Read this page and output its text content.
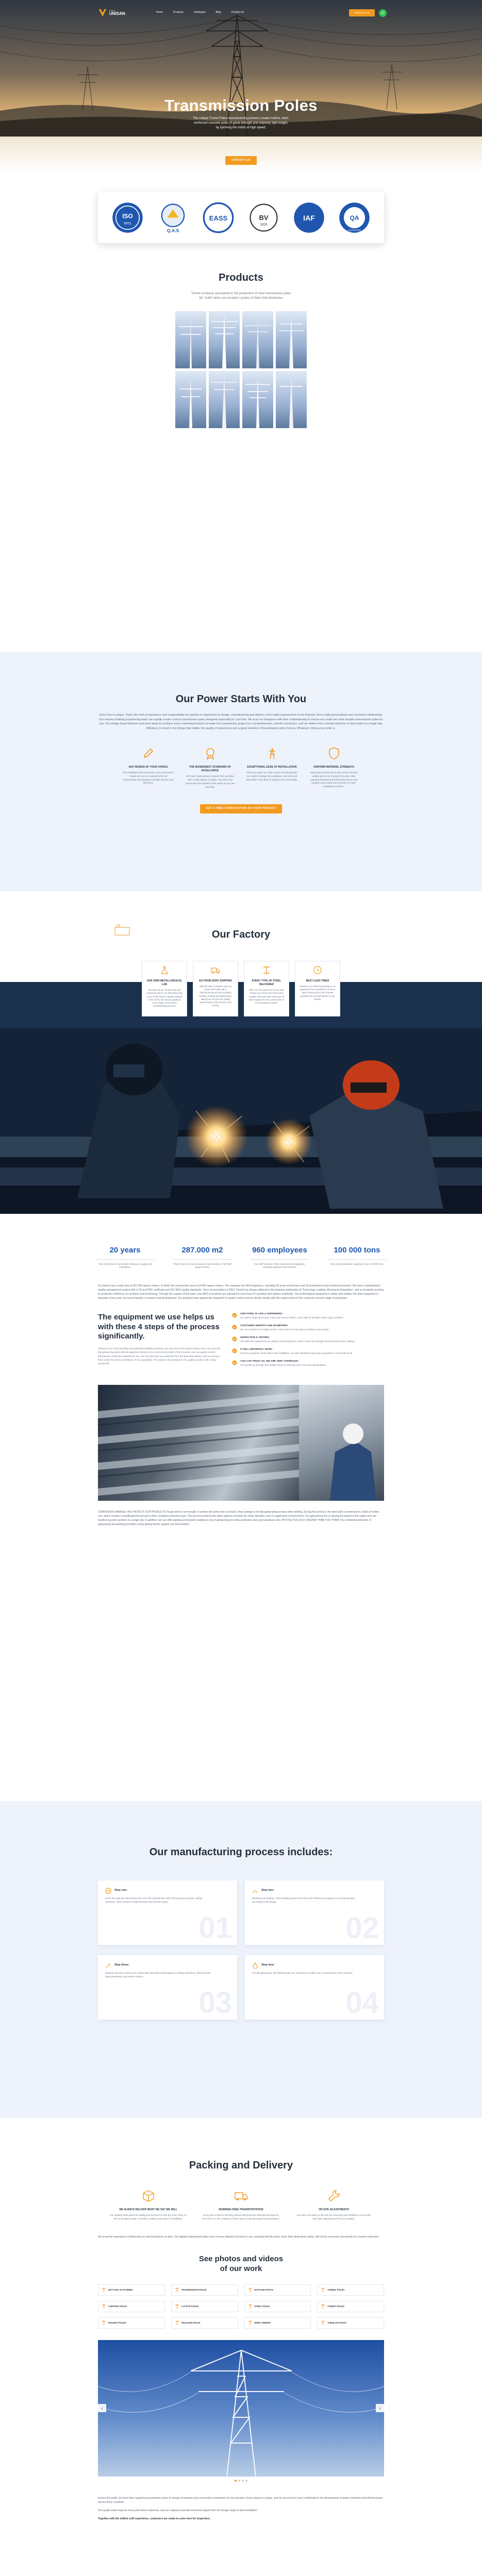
Poles
UNISAN	Home	Products	Catalogue	Blog	Contact Us	CONTACT US	✆
Transmission Poles
The unique Tunnel Poles manufacturing process creates hollow, steel-
reinforced concrete poles of great strength and relatively light weight,
by spinning the molds at high speed.
CONTACT US
ISO
9001
Q.A.S
EASS	BV
1828
IAF	QA
CERTIFIED
Products
Tunnel company specialised in the production of steel transmission poles
Mr. Gdhh Verhs our excellent system of Steel Grill distributes
Our Power Starts With You

Every line is unique. That's the kind of experience and responsibility we practice to implement as design, manufacturing and delivery, from initial requirements to the finished, all in a fully personalized and consistent relationship. Our industry building engineering team can rapidly create custom transmission poles designed especially for your line. We trust our designers with their craftsmanship to ensure we create the most durable transmission poles for you. Our design brand features and work ideas to combine some customized factors to make the transmission project to a comprehensive, smooth conclusion, and we deliver from a broad selection of steel poles in a single day. Efficiency is found in the things that matter, the quality of experience and a great selection of transmission pole choices, Whatever criteria your order is.

ANY DESIGN OF YOUR CHOICE

The installation and connection of the steel pole is simple and can be customized for all environments and awaiting a flexible function and efficiency.

THE MODERNEST STANDARD OF EXCELLENCE

We have implemented a system that our poles offer a high degree of safety. The joints and connections are applied to the needs of your line and load.

EXCEPTIONAL EASE OF INSTALLATION

When you place an order a team of professionals are ready to design the installation, and safe and assembly is also done in detail to proceed reliably.

UNIFORM MATERIAL STRENGTH

Steel poles provide about 30% of the concrete weight and do not transport the pole, while retaining structural and solid performance and handles every stone and concrete in a well-established uniform.

GET A FREE CONSULTATION ON YOUR PROJECT
Our Factory
OUR OWN METALLURGICAL LAB

We have all our components and material tested in our laboratory that is one of the best for quality analysis in the world. We ensure quality at every stage, in the whole manufacturing process.

GO FROM ZERO SHIPPING

With the help of modern tools we create each pole with a manufacturing process including welding, pickling and galvanizing, taking into account the quality requirements of the clients in the country.

EVERY TYPE OF STEEL DELIVERED

With our rich experience in the pole market, we choose the finest steel supplier and work with every type of steel required for the construction of the transmission poles.

BEST LEAD TIMES

Thanks to an efficient production, we guarantee the manufacture of every type of steel pole in the shortest possible time and will deliver in any country.

20 years

That is the time of successful continuous supply and installation.

287.000 m2

That is how much we produce in steel surface of 287000 square meters.

960 employees

Our staff consists of 960 experienced employees, including engineers and workers.

100 000 tons

Our yearly production capacity is over 100 000 tons.

Our factory has a total area of 287.000 square meters, of which the construction area is 64.000 square meters. The company has 960 employees, including 95 senior technicians and 18 professional and technical personnel. We have a standardized quality management system with a CE and PED certificate and ISO 9001 quality standards. Since its foundation in 2003, Tunnel has always adhered to the business philosophy of 'Technology Leading, Winning by Reputation', and is constantly pushing its production efficiency, for products and technology. Through the support of the team, over 80% of products are exported to more than 50 countries and regions worldwide. Our technological equipment is stable and reliable, the main equipment is imported. Every year, we invest heavily in research and development. Our products have passed the inspection of quality control and we strictly comply with the requirements of the customers at each stage of production.

The equipment we use helps us with these 4 steps of the process significantly.

Thanks to our CNC bending and automatic welding machines, we save time and reduce human error. Our own hot-dip galvanizing plant with its equipment allows us to control every detail of the process, and our quality control laboratories certify the material we use. We use top-level raw materials from the best steel plants, and we process them under the strict surveillance of our specialists. The result is the production of a quality product with a long service life.

OUR STEEL IS LIKE A SUPERHERO

Our steel is tough and strong, it does not crack or deform, and it lasts for decades under tough conditions.

CUSTOMIZE HEIGHTS AND DIAMETERS

We can customize the height and the cross-section of every pole according to your project.

INSPECTION & TESTING

The poles are inspected by our quality control department, which checks the strength and dimensions before delivery.

IT WILL DEFINITELY WORK

From the production of the poles to the installation, our team will follow every step to guarantee a successful result.

YOU CAN TRUST US, WE ARE VERY THOROUGH

All our poles go through strict quality checks so that they meet your exact specifications.

CORROSION DAMAGE: WE PROTECT OUR PRODUCTS Tough steel is not enough: to protect the poles from corrosion, they undergo a hot-dip galvanizing process after welding. During this process, the steel pole is immersed in a bath of molten zinc, which creates a metallurgical bond and a thick, resistant protective layer. This process protects the poles against corrosion for many decades, even in aggressive environments. Our galvanizing line is among the largest in the region and can handle long pole sections in a single dip. In addition, we can offer painting and powder coating on top of galvanizing for extra protection and a personalized color. PROTECTIVE DUO: DEEPER THAN YOU THINK The combined protection of galvanizing and painting provides a long-lasting barrier against rust and weather.

Our manufacturing process includes:
Step one:

In the first step the steel sheets are cut to the required size with CNC plasma and laser cutting machines, which ensures a high precision and smooth edges.

01
Step two:

Bending and shaping: CNC bending presses form the steel sheets into polygonal or conical sections according to the design.

02
Step three:

Welding: the pole sections are welded with automatic submerged arc welding machines, which provide deep penetration and uniform seams.

03
Step four:

Hot-dip galvanizing: the finished poles are immersed in molten zinc to protect them from corrosion.

04
Packing and Delivery
WE ALWAYS DELIVER WHAT WE SAY WE WILL

Our logistics team plans the loading and transport so that the poles arrive on site on the agreed date, in perfect condition and ready for installation.

WORRIED-FREE TRANSPORTATION

Every pole section is securely packed with protective materials and fixed on the truck or in the container so that it does not get damaged during transport.

ON SITE ADJUSTMENTS

Our team can assist on site with the assembly and installation of the poles and make adjustments if they are needed.

We know the importance of delivering our steel structures on time. Our logistics department takes care of every shipment by land or sea, ensuring that the poles reach their destination safely, with all the necessary documents for customs clearance.

See photos and videos
of our work
BOTTLED SCATTERED	TRANSMISSION POLES	BOTTLED RACKS	TUNNEL POLES
LIGHTING POLES	LATTICE POLES	STEEL POLES	STREET POLES
RAILWAY POLES	TELECOM POLES	WIND TOWERS	TUBULAR POLES
‹	›

Across the world, we have been supplying transmission poles to energy companies and construction contractors for two decades. Every project is unique, and we are proud to have contributed to the development of power networks and infrastructures across many countries.

Our quality team inspects every pole before shipment, and our engineers provide technical support from the design stage to final installation.

Together with the skilled craft experience, customers are ready to come here for inspection.
